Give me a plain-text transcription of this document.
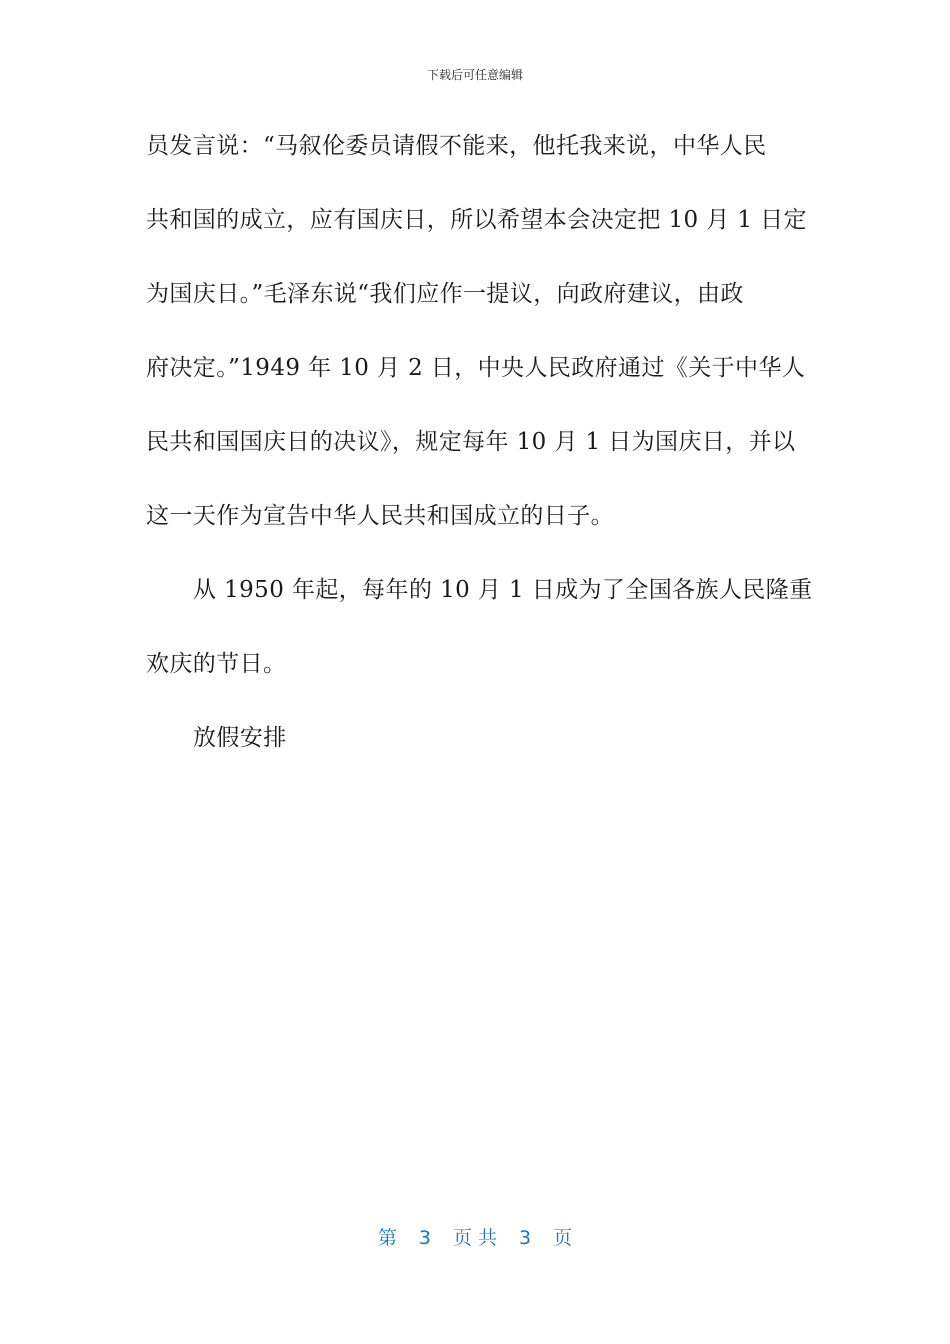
下载后可任意编辑
员发言说：“马叙伦委员请假不能来，他托我来说，中华人民
共和国的成立，应有国庆日，所以希望本会决定把 10 月 1 日定
为国庆日。”毛泽东说“我们应作一提议，向政府建议，由政
府决定。”1949 年 10 月 2 日，中央人民政府通过《关于中华人
民共和国国庆日的决议》，规定每年 10 月 1 日为国庆日，并以
这一天作为宣告中华人民共和国成立的日子。
从 1950 年起，每年的 10 月 1 日成为了全国各族人民隆重
欢庆的节日。
放假安排
第 3 页 共 3 页
